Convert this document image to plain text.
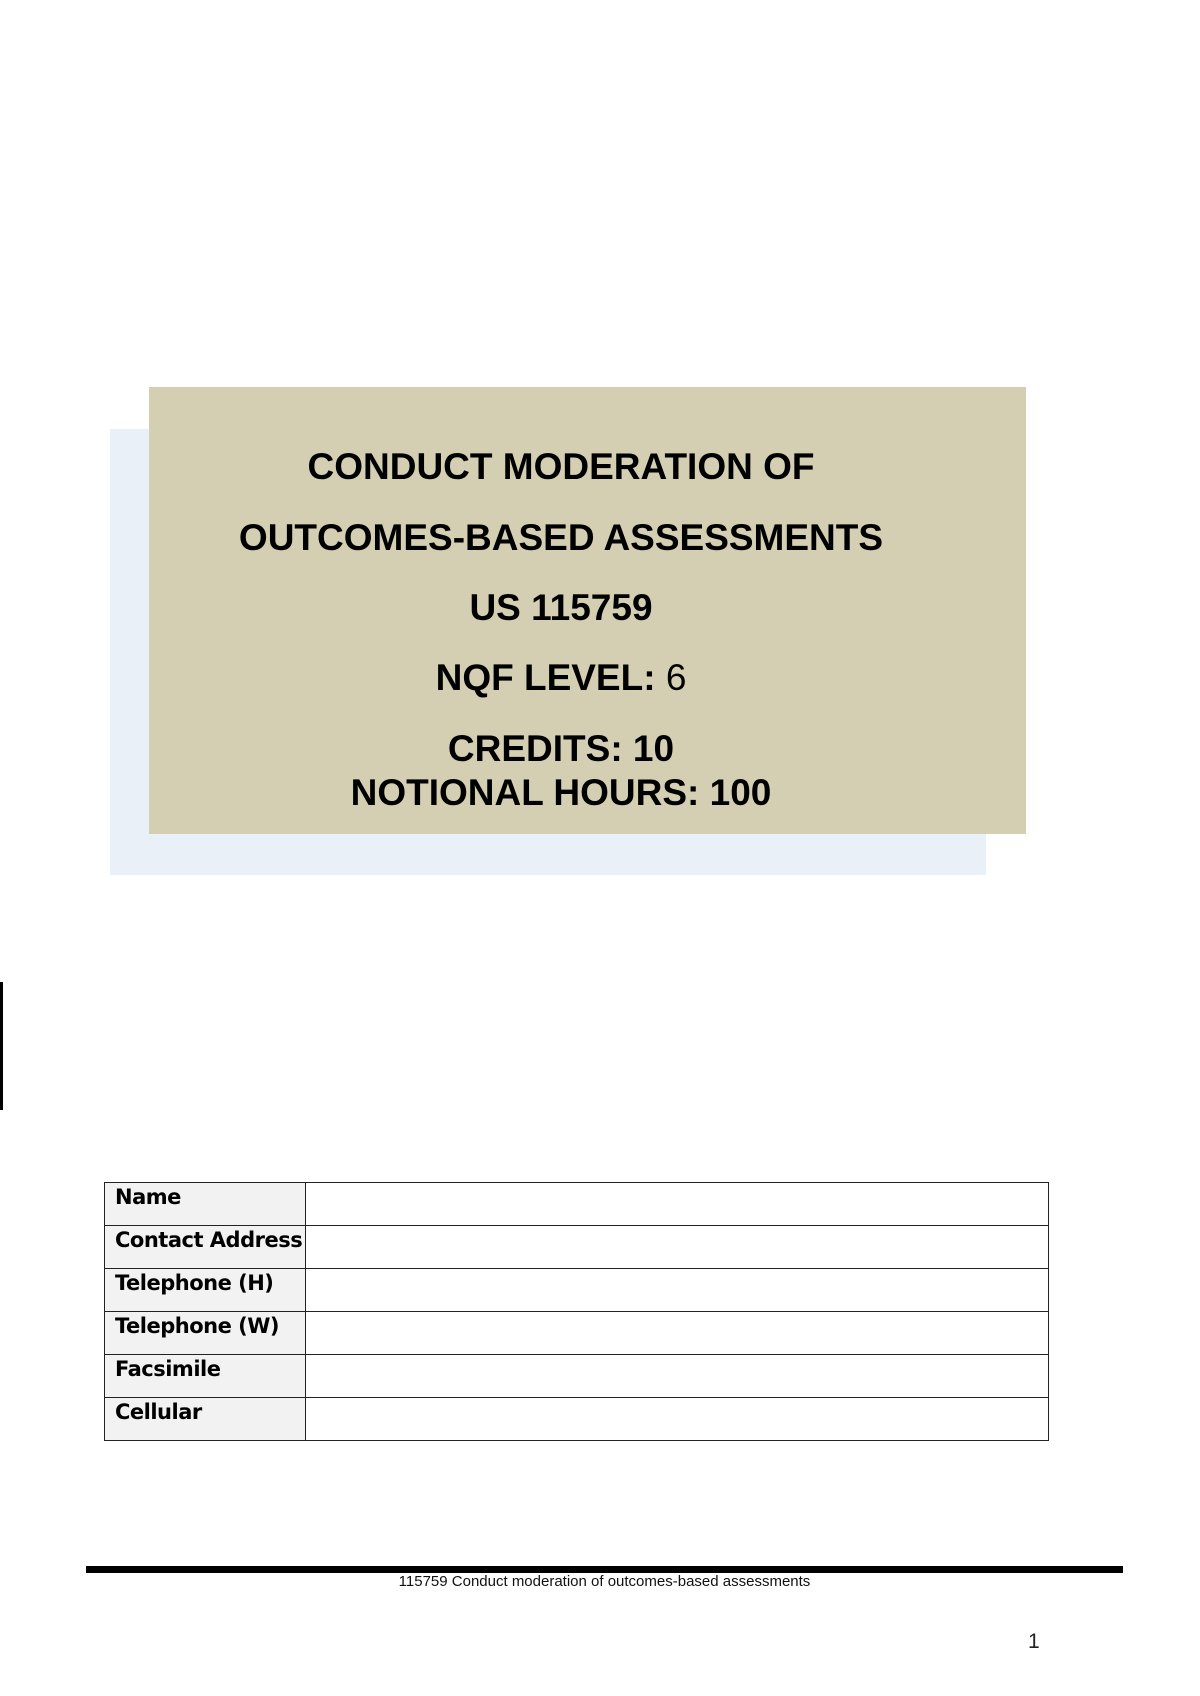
CONDUCT MODERATION OF
OUTCOMES-BASED ASSESSMENTS
US 115759
NQF LEVEL: 6
CREDITS: 10
NOTIONAL HOURS: 100
Name	
Contact Address	
Telephone (H)	
Telephone (W)	
Facsimile	
Cellular	
115759 Conduct moderation of outcomes-based assessments
1
